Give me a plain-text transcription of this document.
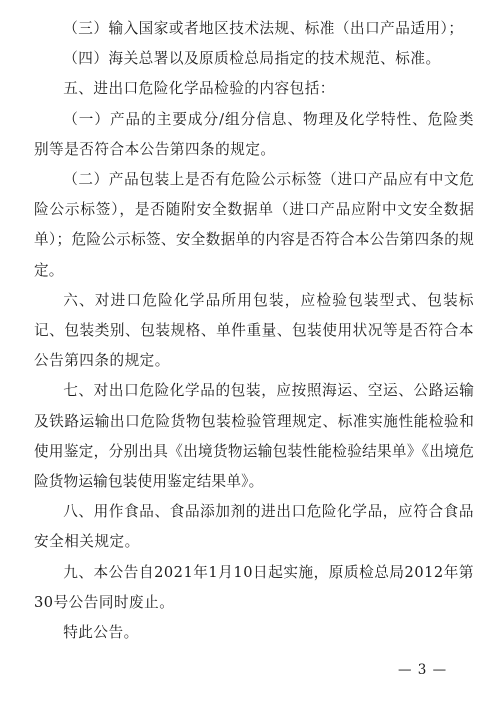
（三）输入国家或者地区技术法规、标准（出口产品适用）；

（四）海关总署以及原质检总局指定的技术规范、标准。

五、进出口危险化学品检验的内容包括：

（一）产品的主要成分/组分信息、物理及化学特性、危险类别等是否符合本公告第四条的规定。

（二）产品包装上是否有危险公示标签（进口产品应有中文危险公示标签），是否随附安全数据单（进口产品应附中文安全数据单）；危险公示标签、安全数据单的内容是否符合本公告第四条的规定。

六、对进口危险化学品所用包装，应检验包装型式、包装标记、包装类别、包装规格、单件重量、包装使用状况等是否符合本公告第四条的规定。

七、对出口危险化学品的包装，应按照海运、空运、公路运输及铁路运输出口危险货物包装检验管理规定、标准实施性能检验和使用鉴定，分别出具《出境货物运输包装性能检验结果单》《出境危险货物运输包装使用鉴定结果单》。

八、用作食品、食品添加剂的进出口危险化学品，应符合食品安全相关规定。

九、本公告自2021年1月10日起实施，原质检总局2012年第30号公告同时废止。

特此公告。

— 3 —
